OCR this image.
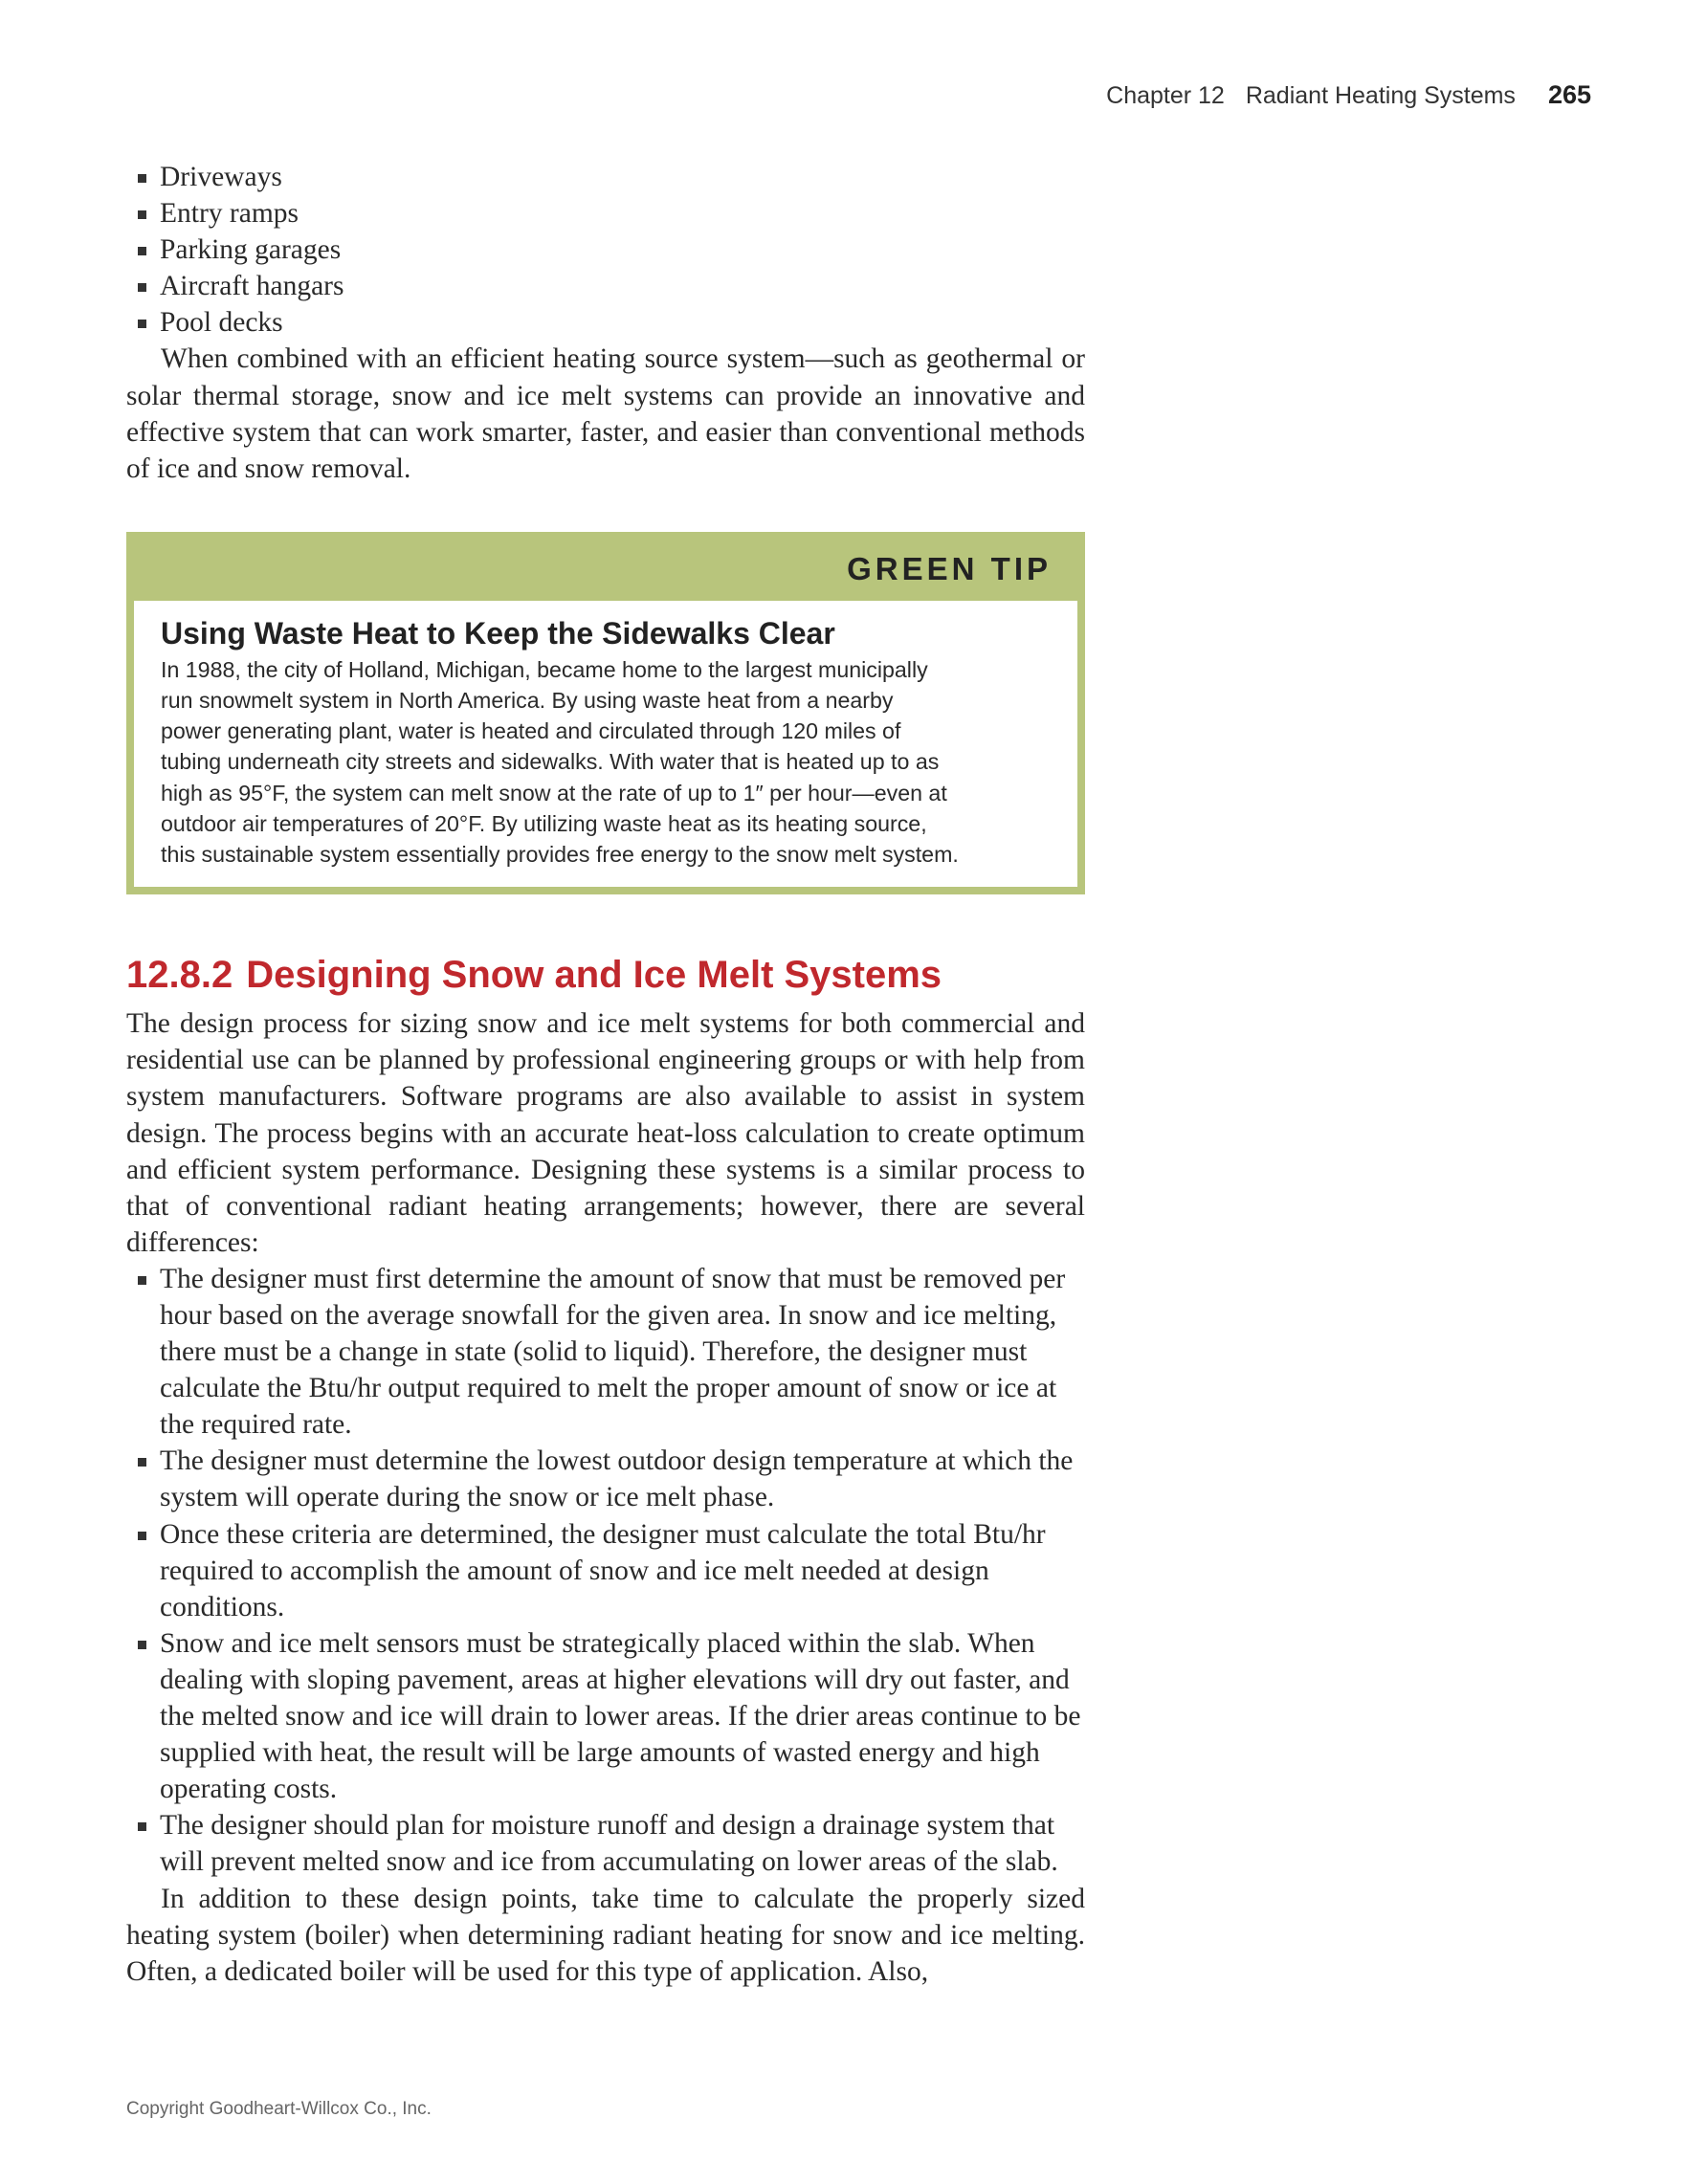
Chapter 12 Radiant Heating Systems 265
Driveways
Entry ramps
Parking garages
Aircraft hangars
Pool decks

When combined with an efficient heating source system—such as geothermal or solar thermal storage, snow and ice melt systems can provide an innovative and effective system that can work smarter, faster, and easier than conventional methods of ice and snow removal.

GREEN TIP
Using Waste Heat to Keep the Sidewalks Clear
In 1988, the city of Holland, Michigan, became home to the largest municipally
run snowmelt system in North America. By using waste heat from a nearby
power generating plant, water is heated and circulated through 120 miles of
tubing underneath city streets and sidewalks. With water that is heated up to as
high as 95°F, the system can melt snow at the rate of up to 1″ per hour—even at
outdoor air temperatures of 20°F. By utilizing waste heat as its heating source,
this sustainable system essentially provides free energy to the snow melt system.
12.8.2 Designing Snow and Ice Melt Systems

The design process for sizing snow and ice melt systems for both commercial and residential use can be planned by professional engineering groups or with help from system manufacturers. Software programs are also available to assist in system design. The process begins with an accurate heat-loss calculation to create optimum and efficient system performance. Designing these systems is a similar process to that of conventional radiant heating arrangements; however, there are several differences:

The designer must first determine the amount of snow that must be removed per hour based on the average snowfall for the given area. In snow and ice melting, there must be a change in state (solid to liquid). Therefore, the designer must calculate the Btu/hr output required to melt the proper amount of snow or ice at the required rate.
The designer must determine the lowest outdoor design temperature at which the system will operate during the snow or ice melt phase.
Once these criteria are determined, the designer must calculate the total Btu/hr required to accomplish the amount of snow and ice melt needed at design conditions.
Snow and ice melt sensors must be strategically placed within the slab. When dealing with sloping pavement, areas at higher elevations will dry out faster, and the melted snow and ice will drain to lower areas. If the drier areas continue to be supplied with heat, the result will be large amounts of wasted energy and high operating costs.
The designer should plan for moisture runoff and design a drainage system that will prevent melted snow and ice from accumulating on lower areas of the slab.

In addition to these design points, take time to calculate the properly sized heating system (boiler) when determining radiant heating for snow and ice melting. Often, a dedicated boiler will be used for this type of application. Also,

Copyright Goodheart-Willcox Co., Inc.
